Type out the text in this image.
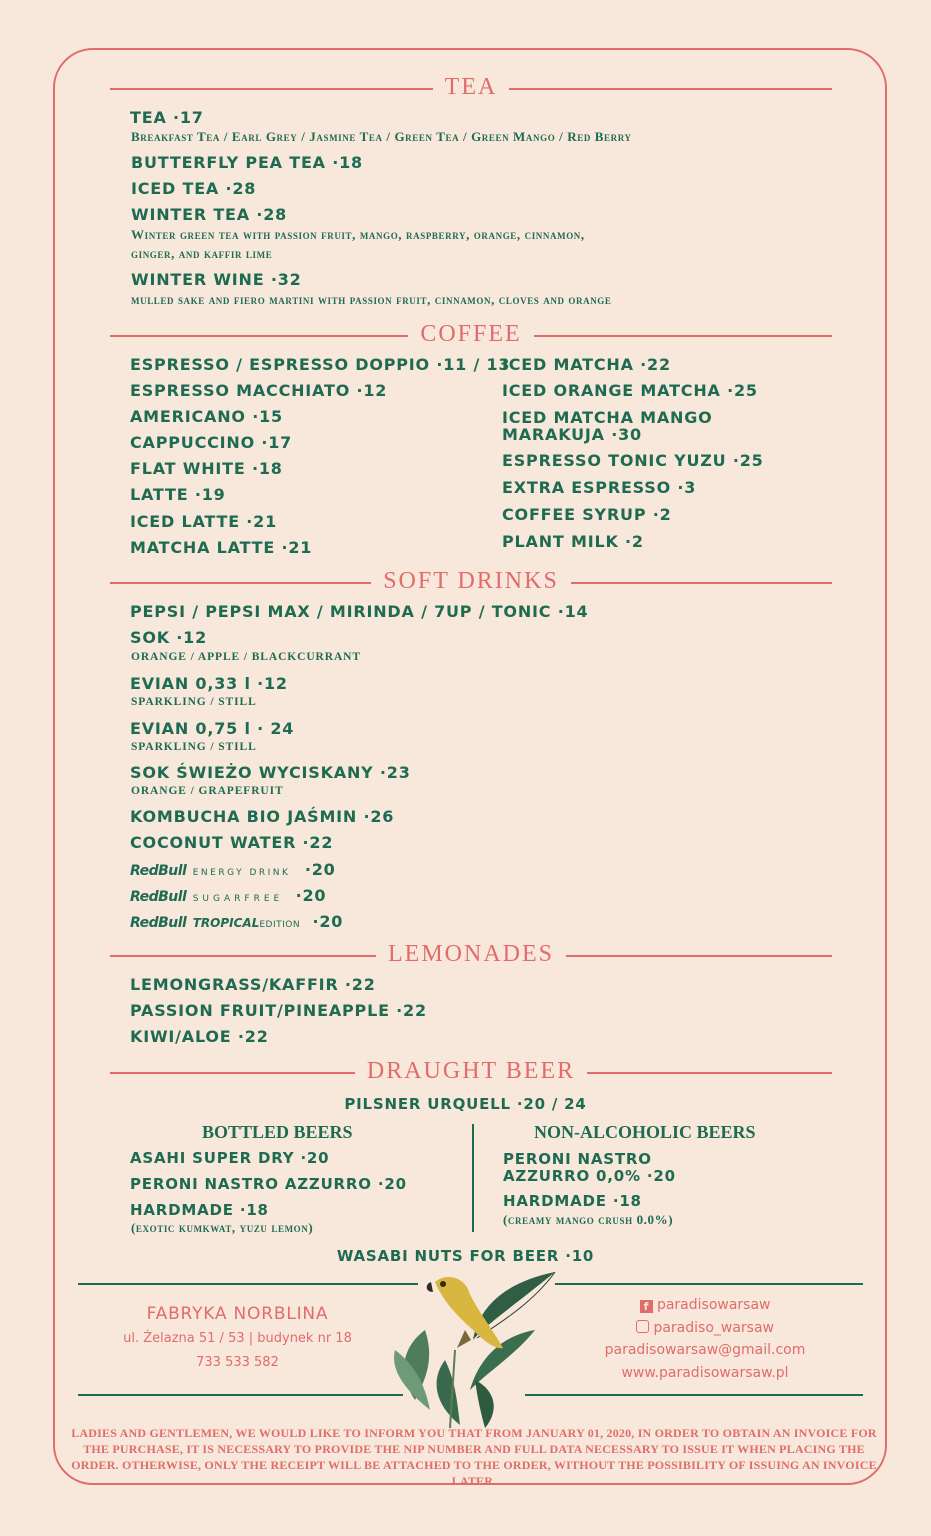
TEA
TEA ·17
Breakfast Tea / Earl Grey / Jasmine Tea / Green Tea / Green Mango / Red Berry
BUTTERFLY PEA TEA ·18
ICED TEA ·28
WINTER TEA ·28
Winter green tea with passion fruit, mango, raspberry, orange, cinnamon,
ginger, and kaffir lime
WINTER WINE ·32
mulled sake and fiero martini with passion fruit, cinnamon, cloves and orange
COFFEE
ESPRESSO / ESPRESSO DOPPIO ·11 / 13
ESPRESSO MACCHIATO ·12
AMERICANO ·15
CAPPUCCINO ·17
FLAT WHITE ·18
LATTE ·19
ICED LATTE ·21
MATCHA LATTE ·21
ICED MATCHA ·22
ICED ORANGE MATCHA ·25
ICED MATCHA MANGO
MARAKUJA ·30
ESPRESSO TONIC YUZU ·25
EXTRA ESPRESSO ·3
COFFEE SYRUP ·2
PLANT MILK ·2
SOFT DRINKS
PEPSI / PEPSI MAX / MIRINDA / 7UP / TONIC ·14
SOK ·12
ORANGE / APPLE / BLACKCURRANT
EVIAN 0,33 l ·12
SPARKLING / STILL
EVIAN 0,75 l · 24
SPARKLING / STILL
SOK ŚWIEŻO WYCISKANY ·23
ORANGE / GRAPEFRUIT
KOMBUCHA BIO JAŚMIN ·26
COCONUT WATER ·22
RedBull ENERGY DRINK ·20
RedBull SUGARFREE ·20
RedBull TROPICALEDITION ·20
LEMONADES
LEMONGRASS/KAFFIR ·22
PASSION FRUIT/PINEAPPLE ·22
KIWI/ALOE ·22
DRAUGHT BEER
PILSNER URQUELL ·20 / 24
BOTTLED BEERS
ASAHI SUPER DRY ·20
PERONI NASTRO AZZURRO ·20
HARDMADE ·18
(exotic kumkwat, yuzu lemon)
NON-ALCOHOLIC BEERS
PERONI NASTRO
AZZURRO 0,0% ·20
HARDMADE ·18
(creamy mango crush 0.0%)
WASABI NUTS FOR BEER ·10
FABRYKA NORBLINA
ul. Żelazna 51 / 53 | budynek nr 18
733 533 582
f paradisowarsaw
paradiso_warsaw
paradisowarsaw@gmail.com
www.paradisowarsaw.pl
LADIES AND GENTLEMEN, WE WOULD LIKE TO INFORM YOU THAT FROM JANUARY 01, 2020, IN ORDER TO OBTAIN AN INVOICE FOR THE PURCHASE, IT IS NECESSARY TO PROVIDE THE NIP NUMBER AND FULL DATA NECESSARY TO ISSUE IT WHEN PLACING THE ORDER. OTHERWISE, ONLY THE RECEIPT WILL BE ATTACHED TO THE ORDER, WITHOUT THE POSSIBILITY OF ISSUING AN INVOICE LATER.
